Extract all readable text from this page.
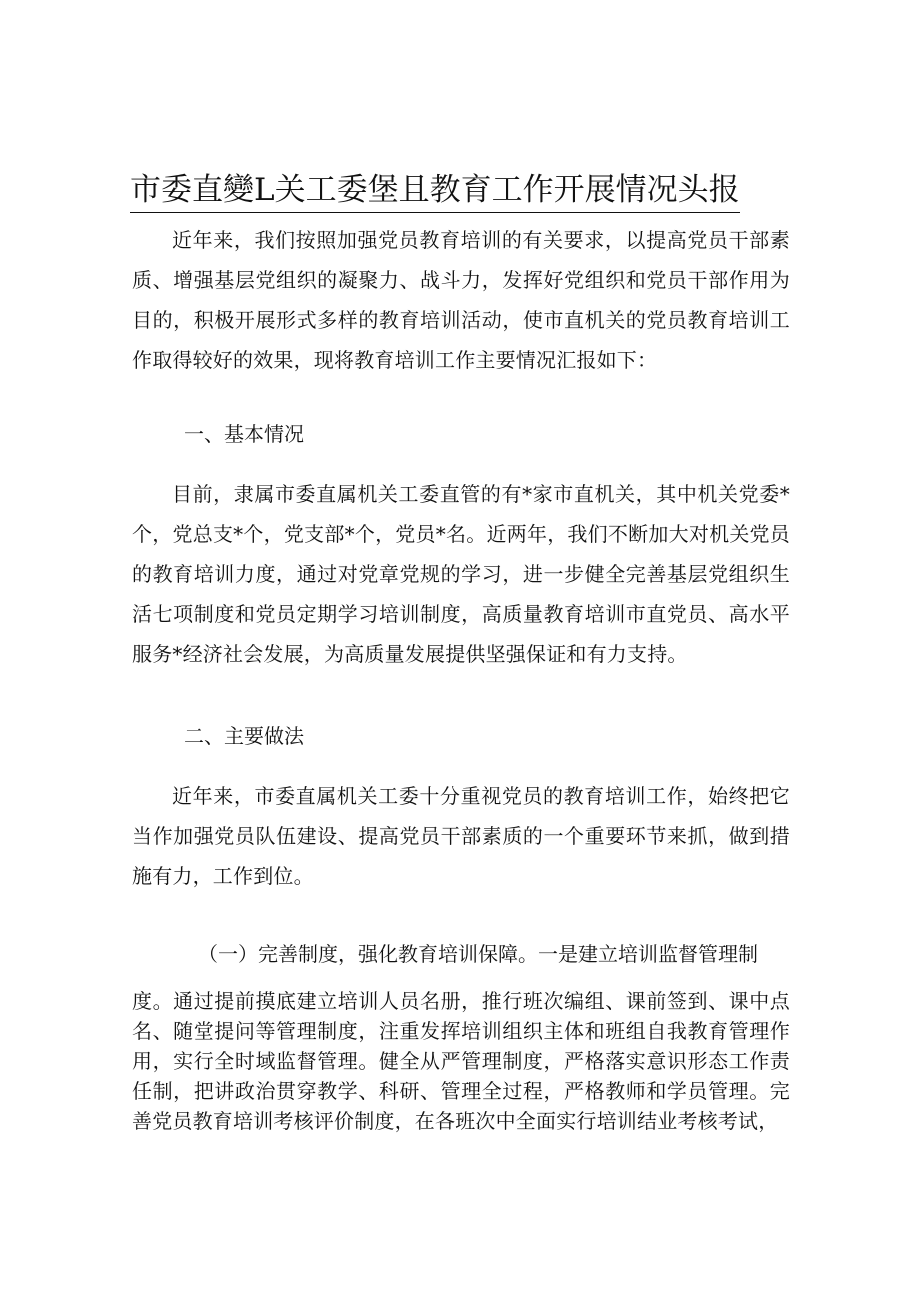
市委直變L关工委堡且教育工作开展情况头报

近年来，我们按照加强党员教育培训的有关要求，以提高党员干部素质、增强基层党组织的凝聚力、战斗力，发挥好党组织和党员干部作用为目的，积极开展形式多样的教育培训活动，使市直机关的党员教育培训工作取得较好的效果，现将教育培训工作主要情况汇报如下：

一、基本情况

目前，隶属市委直属机关工委直管的有*家市直机关，其中机关党委*个，党总支*个，党支部*个，党员*名。近两年，我们不断加大对机关党员的教育培训力度，通过对党章党规的学习，进一步健全完善基层党组织生活七项制度和党员定期学习培训制度，高质量教育培训市直党员、高水平服务*经济社会发展，为高质量发展提供坚强保证和有力支持。

二、主要做法

近年来，市委直属机关工委十分重视党员的教育培训工作，始终把它当作加强党员队伍建设、提高党员干部素质的一个重要环节来抓，做到措施有力，工作到位。

（一）完善制度，强化教育培训保障。一是建立培训监督管理制

度。通过提前摸底建立培训人员名册，推行班次编组、课前签到、课中点名、随堂提问等管理制度，注重发挥培训组织主体和班组自我教育管理作用，实行全时域监督管理。健全从严管理制度，严格落实意识形态工作责任制，把讲政治贯穿教学、科研、管理全过程，严格教师和学员管理。完善党员教育培训考核评价制度，在各班次中全面实行培训结业考核考试，
